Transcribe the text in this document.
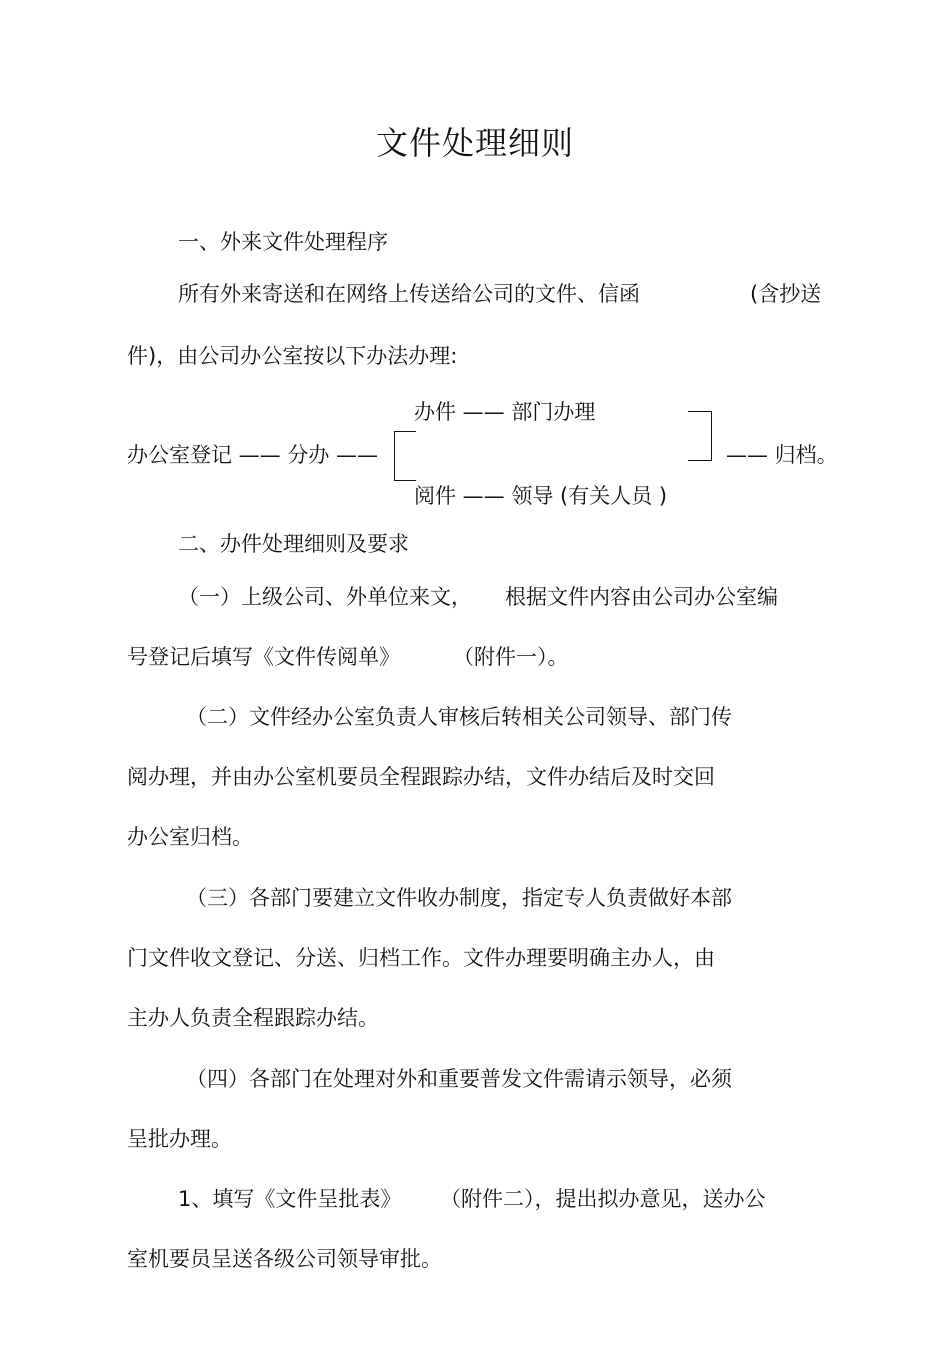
文件处理细则
一、外来文件处理程序
所有外来寄送和在网络上传送给公司的文件、信函	(含抄送
件)，由公司办公室按以下办法办理:
办件 —— 部门办理
办公室登记 —— 分办 ——	—— 归档。
阅件 —— 领导 (有关人员 )
二、办件处理细则及要求
（一）上级公司、外单位来文， 根据文件内容由公司办公室编
号登记后填写《文件传阅单》	（附件一）。
（二）文件经办公室负责人审核后转相关公司领导、部门传
阅办理，并由办公室机要员全程跟踪办结，文件办结后及时交回
办公室归档。
（三）各部门要建立文件收办制度，指定专人负责做好本部
门文件收文登记、分送、归档工作。文件办理要明确主办人，由
主办人负责全程跟踪办结。
（四）各部门在处理对外和重要普发文件需请示领导，必须
呈批办理。
1、填写《文件呈批表》 （附件二），提出拟办意见，送办公
室机要员呈送各级公司领导审批。
